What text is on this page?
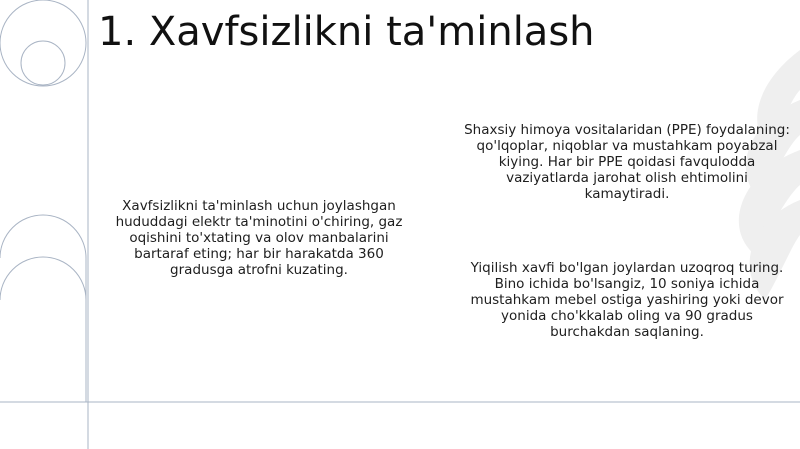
1. Xavfsizlikni ta'minlash

Xavfsizlikni ta'minlash uchun joylashgan hududdagi elektr ta'minotini o'chiring, gaz oqishini to'xtating va olov manbalarini bartaraf eting; har bir harakatda 360 gradusga atrofni kuzating.

Shaxsiy himoya vositalaridan (PPE) foydalaning: qo'lqoplar, niqoblar va mustahkam poyabzal kiying. Har bir PPE qoidasi favqulodda vaziyatlarda jarohat olish ehtimolini kamaytiradi.

Yiqilish xavfi bo'lgan joylardan uzoqroq turing. Bino ichida bo'lsangiz, 10 soniya ichida mustahkam mebel ostiga yashiring yoki devor yonida cho'kkalab oling va 90 gradus burchakdan saqlaning.
